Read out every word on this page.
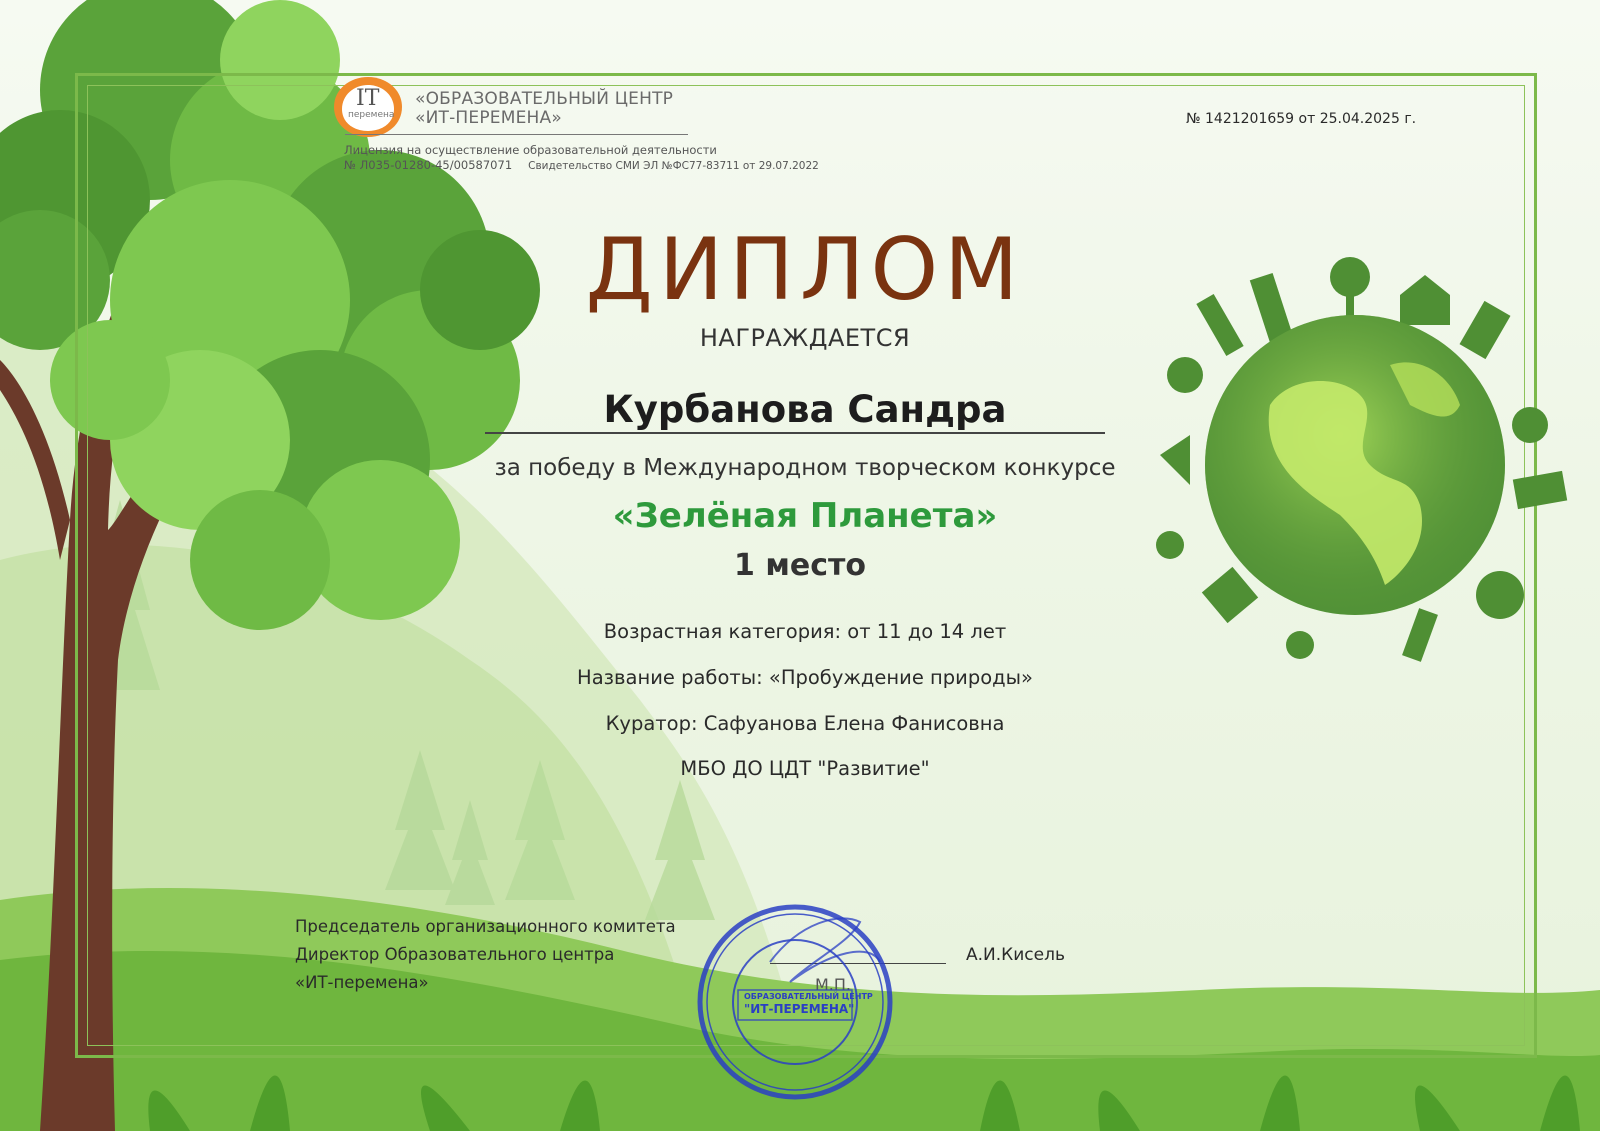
IT
перемена
«ОБРАЗОВАТЕЛЬНЫЙ ЦЕНТР
«ИТ-ПЕРЕМЕНА»
Лицензия на осуществление образовательной деятельности
№ Л035-01280-45/00587071 Свидетельство СМИ ЭЛ №ФС77-83711 от 29.07.2022
№ 1421201659 от 25.04.2025 г.
ДИПЛОМ
НАГРАЖДАЕТСЯ
Курбанова Сандра
за победу в Международном творческом конкурсе
«Зелёная Планета»
1 место
Возрастная категория: от 11 до 14 лет
Название работы: «Пробуждение природы»
Куратор: Сафуанова Елена Фанисовна
МБО ДО ЦДТ "Развитие"
Председатель организационного комитета
Директор Образовательного центра
«ИТ-перемена»
А.И.Кисель
М.П.
ОБРАЗОВАТЕЛЬНЫЙ ЦЕНТР
"ИТ-ПЕРЕМЕНА"
